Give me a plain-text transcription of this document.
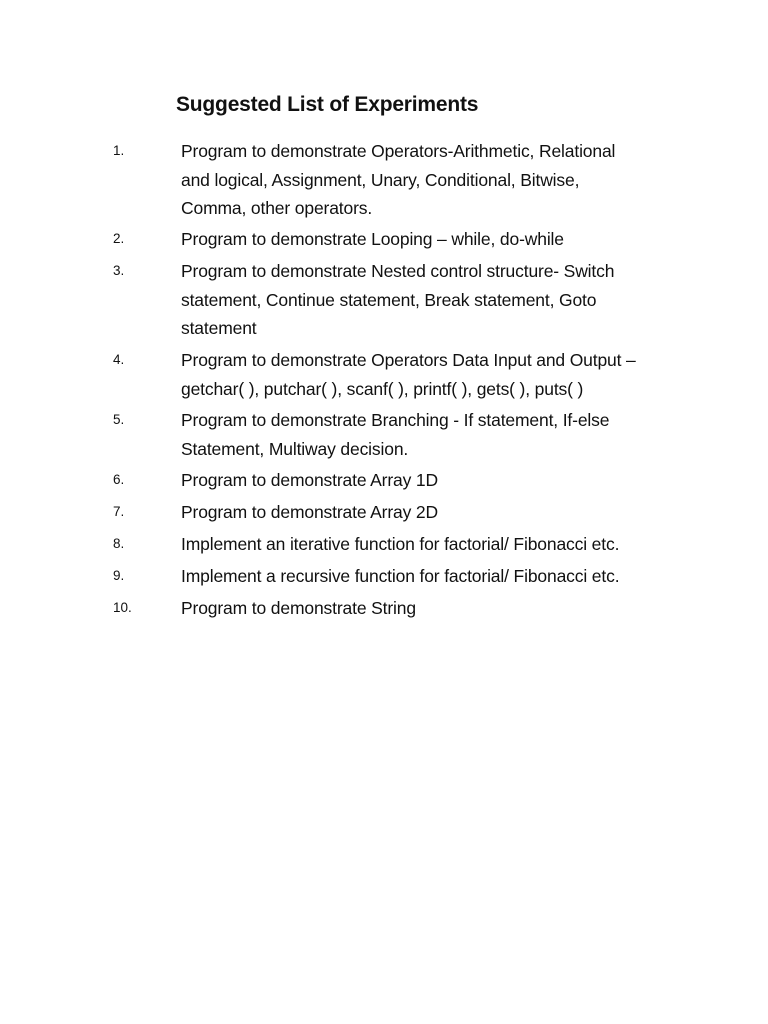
Suggested List of Experiments
1.	Program to demonstrate Operators-Arithmetic, Relational
and logical, Assignment, Unary, Conditional, Bitwise,
Comma, other operators.
2.	Program to demonstrate Looping – while, do-while
3.	Program to demonstrate Nested control structure- Switch
statement, Continue statement, Break statement, Goto
statement
4.	Program to demonstrate Operators Data Input and Output –
getchar( ), putchar( ), scanf( ), printf( ), gets( ), puts( )
5.	Program to demonstrate Branching - If statement, If-else
Statement, Multiway decision.
6.	Program to demonstrate Array 1D
7.	Program to demonstrate Array 2D
8.	Implement an iterative function for factorial/ Fibonacci etc.
9.	Implement a recursive function for factorial/ Fibonacci etc.
10.	Program to demonstrate String
